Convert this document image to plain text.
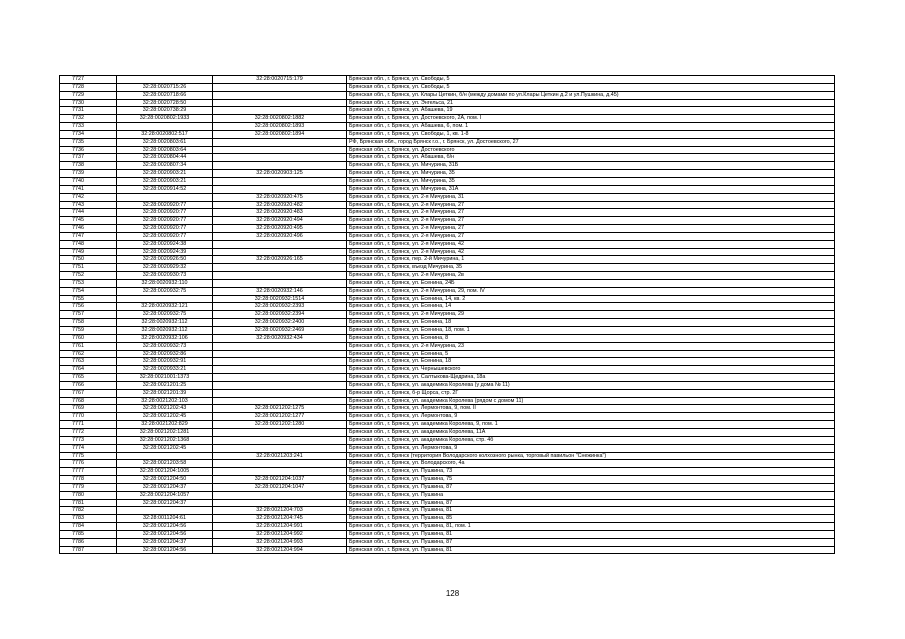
7727		32:28:0020715:179	Брянская обл., г. Брянск, ул. Свободы, 5
7728	32:28:0020715:26		Брянская обл., г. Брянск, ул. Свободы, 5
7729	32:28:0020718:66		Брянская обл., г. Брянск, ул. Клары Цеткин, б/н (между домами по ул.Клары Цеткин д.2 и ул.Пушкина, д.45)
7730	32:28:0020728:50		Брянская обл., г. Брянск, ул. Энгельса, 21
7731	32:28:0020738:29		Брянская обл., г. Брянск, ул. Абашева, 19
7732	32:28:0020802:1933	32:28:0020802:1882	Брянская обл., г. Брянск, ул. Достоевского, 2А, пом. I
7733		32:28:0020802:1893	Брянская обл., г. Брянск, ул. Абашева, 6, пом. 1
7734	32:28:0020802:517	32:28:0020802:1894	Брянская обл., г. Брянск, ул. Свободы, 1, кв. 1-8
7735	32:28:0020803:61		РФ, Брянская обл., город Брянск г.о., г. Брянск, ул. Достоевского, 27
7736	32:28:0020803:64		Брянская обл., г. Брянск, ул. Достоевского
7737	32:28:0020804:44		Брянская обл., г. Брянск, ул. Абашева, б/н
7738	32:28:0020807:34		Брянская обл., г. Брянск, ул. Мичурина, 31Б
7739	32:28:0020903:21	32:28:0020903:125	Брянская обл., г. Брянск, ул. Мичурина, 35
7740	32:28:0020903:21		Брянская обл., г. Брянск, ул. Мичурина, 35
7741	32:28:0020914:52		Брянская обл., г. Брянск, ул. Мичурина, 31А
7742		32:28:0020920:475	Брянская обл., г. Брянск, ул. 2-я Мичурина, 31
7743	32:28:0020920:77	32:28:0020920:482	Брянская обл., г. Брянск, ул. 2-я Мичурина, 27
7744	32:28:0020920:77	32:28:0020920:483	Брянская обл., г. Брянск, ул. 2-я Мичурина, 27
7745	32:28:0020920:77	32:28:0020920:494	Брянская обл., г. Брянск, ул. 2-я Мичурина, 27
7746	32:28:0020920:77	32:28:0020920:495	Брянская обл., г. Брянск, ул. 2-я Мичурина, 27
7747	32:28:0020920:77	32:28:0020920:496	Брянская обл., г. Брянск, ул. 2-я Мичурина, 27
7748	32:28:0020924:38		Брянская обл., г. Брянск, ул. 2-я Мичурина, 42
7749	32:28:0020924:39		Брянская обл., г. Брянск, ул. 2-я Мичурина, 42
7750	32:28:0020926:50	32:28:0020926:165	Брянская обл., г. Брянск, пер. 2-й Мичурина, 1
7751	32:28:0020929:32		Брянская обл., г. Брянск, въезд Мичурина, 35
7752	32:28:0020930:73		Брянская обл., г. Брянск, ул. 2-я Мичурина, 2в
7753	32:28:0020932:110		Брянская обл., г. Брянск, ул. Есенина, 24Б
7754	32:28:0020932:75	32:28:0020932:146	Брянская обл., г. Брянск, ул. 2-я Мичурина, 29, пом. IV
7755		32:28:0020932:1514	Брянская обл., г. Брянск, ул. Есенина, 14, кв. 2
7756	32:28:0020932:121	32:28:0020932:2393	Брянская обл., г. Брянск, ул. Есенина, 14
7757	32:28:0020932:75	32:28:0020932:2394	Брянская обл., г. Брянск, ул. 2-я Мичурина, 29
7758	32:28:0020932:112	32:28:0020932:2400	Брянская обл., г. Брянск, ул. Есенина, 18
7759	32:28:0020932:112	32:28:0020932:2469	Брянская обл., г. Брянск, ул. Есенина, 18, пом. 1
7760	32:28:0020932:106	32:28:0020932:434	Брянская обл., г. Брянск, ул. Есенина, 8
7761	32:28:0020932:73		Брянская обл., г. Брянск, ул. 2-я Мичурина, 23
7762	32:28:0020932:86		Брянская обл., г. Брянск, ул. Есенина, 5
7763	32:28:0020932:91		Брянская обл., г. Брянск, ул. Есенина, 18
7764	32:28:0020933:21		Брянская обл., г. Брянск, ул. Чернышевского
7765	32:28:0021001:1373		Брянская обл., г. Брянск, ул. Салтыкова-Щедрина, 18а
7766	32:28:0021201:25		Брянская обл., г. Брянск, ул. академика Королева (у дома № 11)
7767	32:28:0021201:39		Брянская обл., г. Брянск, б-р Щорса, стр. 2Г
7768	32:28:0021202:103		Брянская обл., г. Брянск, ул. академика Королева (рядом с домом 11)
7769	32:28:0021202:43	32:28:0021202:1275	Брянская обл., г. Брянск, ул. Лермонтова, 9, пом. II
7770	32:28:0021202:45	32:28:0021202:1277	Брянская обл., г. Брянск, ул. Лермонтова, 9
7771	32:28:0021202:829	32:28:0021202:1280	Брянская обл., г. Брянск, ул. академика Королева, 9, пом. 1
7772	32:28:0021202:1281		Брянская обл., г. Брянск, ул. академика Королева, 11А
7773	32:28:0021202:1368		Брянская обл., г. Брянск, ул. академика Королева, стр. 4б
7774	32:28:0021202:45		Брянская обл., г. Брянск, ул. Лермонтова, 9
7775		32:28:0021203:241	Брянская обл., г. Брянск (территория Володарского колхозного рынка, торговый павильон "Снежинка")
7776	32:28:0021203:58		Брянская обл., г. Брянск, ул. Володарского, 4а
7777	32:28:0021204:1005		Брянская обл., г. Брянск, ул. Пушкина, 73
7778	32:28:0021204:50	32:28:0021204:1037	Брянская обл., г. Брянск, ул. Пушкина, 75
7779	32:28:0021204:37	32:28:0021204:1047	Брянская обл., г. Брянск, ул. Пушкина, 87
7780	32:28:0021204:1057		Брянская обл., г. Брянск, ул. Пушкина
7781	32:28:0021204:37		Брянская обл., г. Брянск, ул. Пушкина, 87
7782		32:28:0021204:703	Брянская обл., г. Брянск, ул. Пушкина, 81
7783	32:28:0011204:61	32:28:0021204:745	Брянская обл., г. Брянск, ул. Пушкина, 85
7784	32:28:0021204:56	32:28:0021204:991	Брянская обл., г. Брянск, ул. Пушкина, 81, пом. 1
7785	32:28:0021204:56	32:28:0021204:992	Брянская обл., г. Брянск, ул. Пушкина, 81
7786	32:28:0021204:37	32:28:0021204:993	Брянская обл., г. Брянск, ул. Пушкина, 87
7787	32:28:0021204:56	32:28:0021204:994	Брянская обл., г. Брянск, ул. Пушкина, 81
128
